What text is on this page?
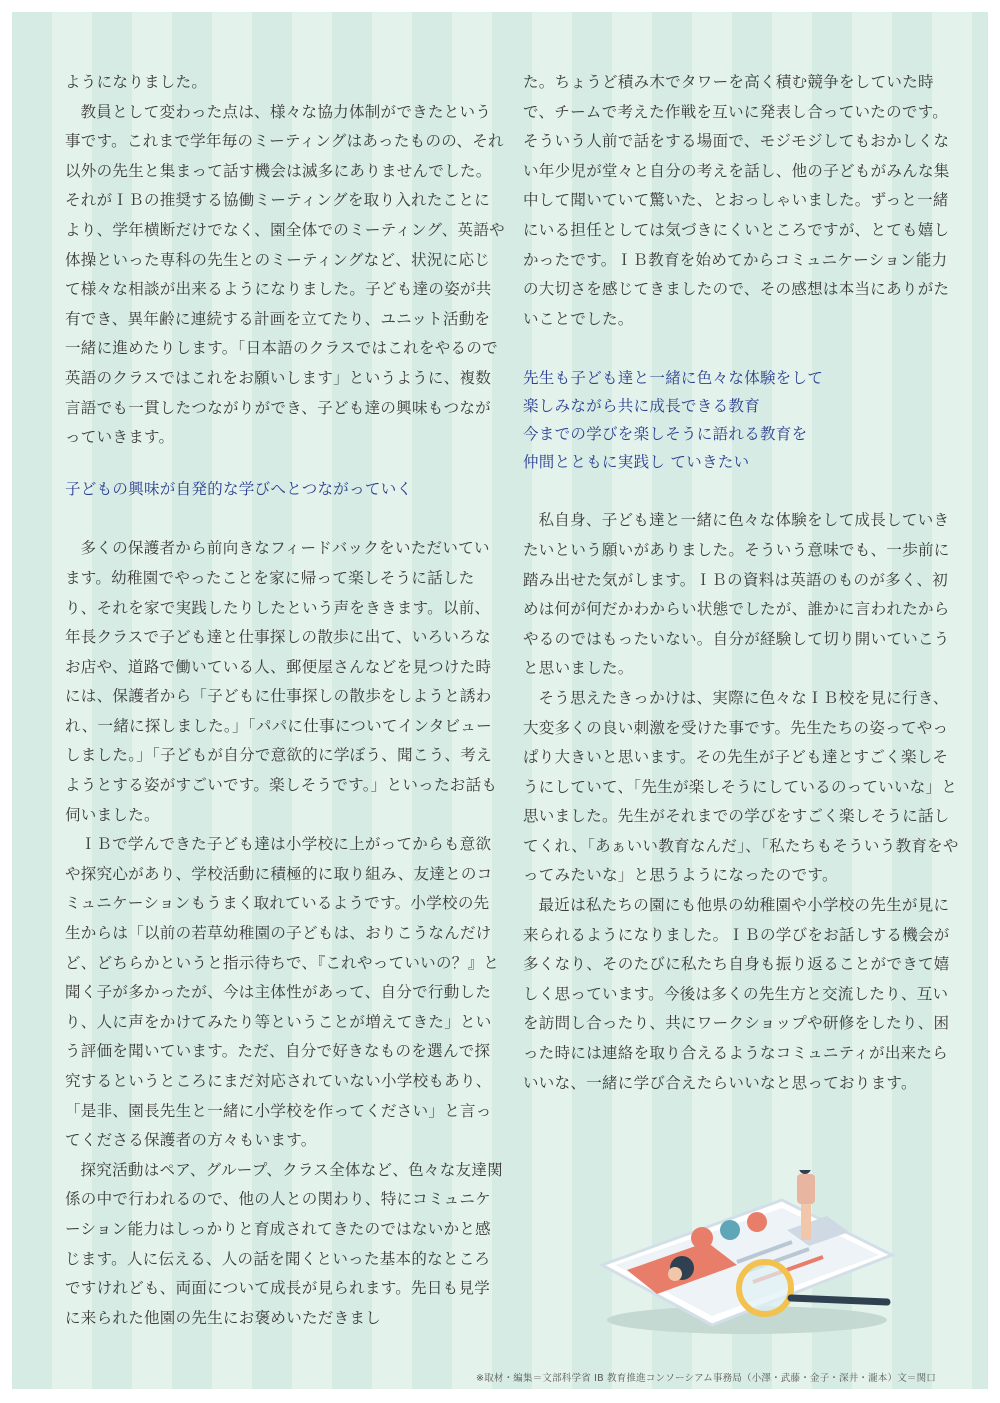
ようになりました。

教員として変わった点は、様々な協力体制ができたという事です。これまで学年毎のミーティングはあったものの、それ以外の先生と集まって話す機会は滅多にありませんでした。それがＩＢの推奨する協働ミーティングを取り入れたことにより、学年横断だけでなく、園全体でのミーティング、英語や体操といった専科の先生とのミーティングなど、状況に応じて様々な相談が出来るようになりました。子ども達の姿が共有でき、異年齢に連続する計画を立てたり、ユニット活動を一緒に進めたりします。「日本語のクラスではこれをやるので英語のクラスではこれをお願いします」というように、複数言語でも一貫したつながりができ、子ども達の興味もつながっていきます。

子どもの興味が自発的な学びへとつながっていく

多くの保護者から前向きなフィードバックをいただいています。幼稚園でやったことを家に帰って楽しそうに話したり、それを家で実践したりしたという声をききます。以前、年長クラスで子ども達と仕事探しの散歩に出て、いろいろなお店や、道路で働いている人、郵便屋さんなどを見つけた時には、保護者から「子どもに仕事探しの散歩をしようと誘われ、一緒に探しました。」「パパに仕事についてインタビューしました。」「子どもが自分で意欲的に学ぼう、聞こう、考えようとする姿がすごいです。楽しそうです。」といったお話も伺いました。

ＩＢで学んできた子ども達は小学校に上がってからも意欲や探究心があり、学校活動に積極的に取り組み、友達とのコミュニケーションもうまく取れているようです。小学校の先生からは「以前の若草幼稚園の子どもは、おりこうなんだけど、どちらかというと指示待ちで、『これやっていいの？』と聞く子が多かったが、今は主体性があって、自分で行動したり、人に声をかけてみたり等ということが増えてきた」という評価を聞いています。ただ、自分で好きなものを選んで探究するというところにまだ対応されていない小学校もあり、「是非、園長先生と一緒に小学校を作ってください」と言ってくださる保護者の方々もいます。

探究活動はペア、グループ、クラス全体など、色々な友達関係の中で行われるので、他の人との関わり、特にコミュニケーション能力はしっかりと育成されてきたのではないかと感じます。人に伝える、人の話を聞くといった基本的なところですけれども、両面について成長が見られます。先日も見学に来られた他園の先生にお褒めいただきまし

た。ちょうど積み木でタワーを高く積む競争をしていた時で、チームで考えた作戦を互いに発表し合っていたのです。そういう人前で話をする場面で、モジモジしてもおかしくない年少児が堂々と自分の考えを話し、他の子どもがみんな集中して聞いていて驚いた、とおっしゃいました。ずっと一緒にいる担任としては気づきにくいところですが、とても嬉しかったです。ＩＢ教育を始めてからコミュニケーション能力の大切さを感じてきましたので、その感想は本当にありがたいことでした。

先生も子ども達と一緒に色々な体験をして

楽しみながら共に成長できる教育

今までの学びを楽しそうに語れる教育を

仲間とともに実践し ていきたい

私自身、子ども達と一緒に色々な体験をして成長していきたいという願いがありました。そういう意味でも、一歩前に踏み出せた気がします。ＩＢの資料は英語のものが多く、初めは何が何だかわからい状態でしたが、誰かに言われたからやるのではもったいない。自分が経験して切り開いていこうと思いました。

そう思えたきっかけは、実際に色々なＩＢ校を見に行き、大変多くの良い刺激を受けた事です。先生たちの姿ってやっぱり大きいと思います。その先生が子ども達とすごく楽しそうにしていて、「先生が楽しそうにしているのっていいな」と思いました。先生がそれまでの学びをすごく楽しそうに話してくれ、「あぁいい教育なんだ」、「私たちもそういう教育をやってみたいな」と思うようになったのです。

最近は私たちの園にも他県の幼稚園や小学校の先生が見に来られるようになりました。ＩＢの学びをお話しする機会が多くなり、そのたびに私たち自身も振り返ることができて嬉しく思っています。今後は多くの先生方と交流したり、互いを訪問し合ったり、共にワークショップや研修をしたり、困った時には連絡を取り合えるようなコミュニティが出来たらいいな、一緒に学び合えたらいいなと思っております。

※取材・編集＝文部科学省 IB 教育推進コンソーシアム事務局（小澤・武藤・金子・深井・瀧本）文＝関口
